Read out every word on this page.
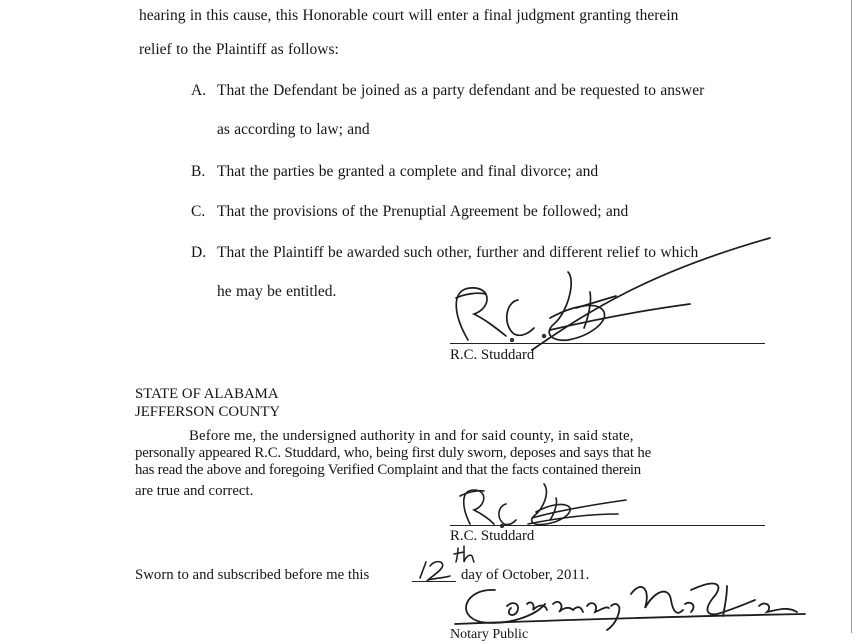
hearing in this cause, this Honorable court will enter a final judgment granting therein
relief to the Plaintiff as follows:
A. That the Defendant be joined as a party defendant and be requested to answer
as according to law; and
B. That the parties be granted a complete and final divorce; and
C. That the provisions of the Prenuptial Agreement be followed; and
D. That the Plaintiff be awarded such other, further and different relief to which
he may be entitled.
R.C. Studdard
STATE OF ALABAMA
JEFFERSON COUNTY
Before me, the undersigned authority in and for said county, in said state,
personally appeared R.C. Studdard, who, being first duly sworn, deposes and says that he
has read the above and foregoing Verified Complaint and that the facts contained therein
are true and correct.
R.C. Studdard
Sworn to and subscribed before me this	day of October, 2011.
Notary Public
